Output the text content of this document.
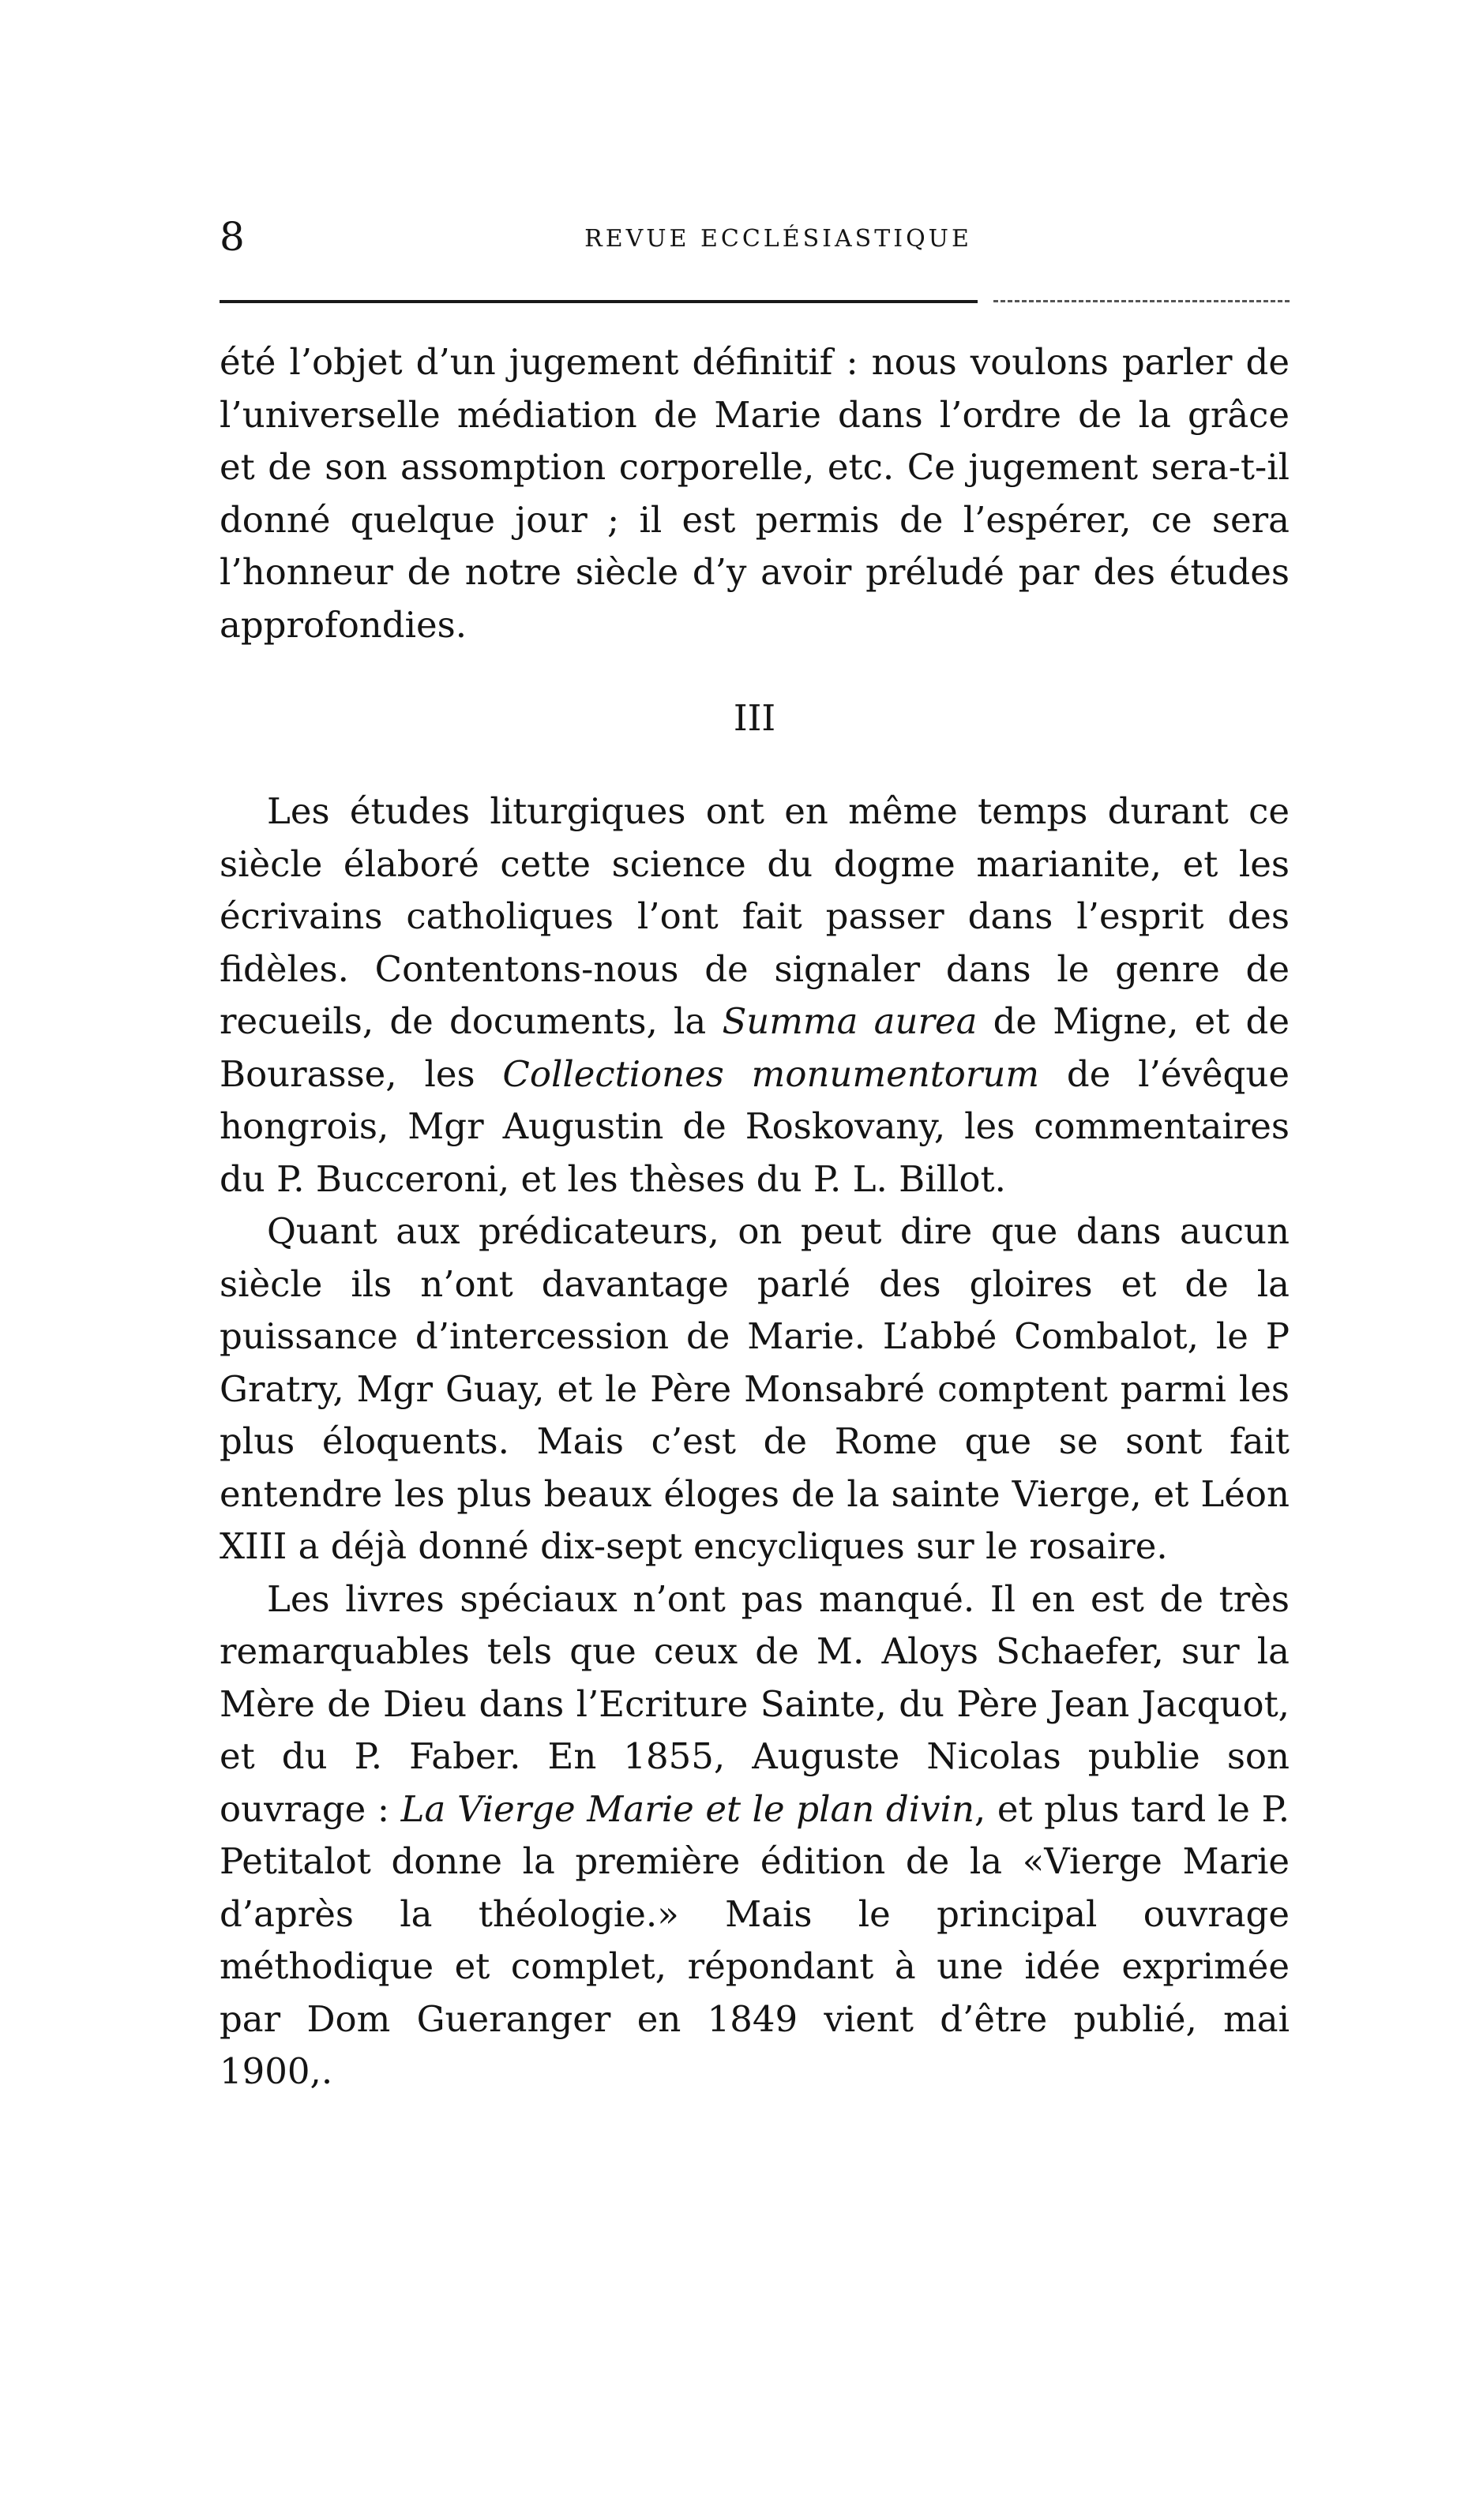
8	REVUE ECCLÉSIASTIQUE

été l’objet d’un jugement définitif : nous voulons parler de l’universelle médiation de Marie dans l’ordre de la grâce et de son assomption corporelle, etc. Ce jugement sera-t-il donné quelque jour ; il est permis de l’espérer, ce sera l’honneur de notre siècle d’y avoir préludé par des études approfondies.

III

Les études liturgiques ont en même temps durant ce siècle élaboré cette science du dogme marianite, et les écrivains catholiques l’ont fait passer dans l’esprit des fidèles. Contentons-nous de signaler dans le genre de recueils, de documents, la Summa aurea de Migne, et de Bourasse, les Collectiones monumentorum de l’évêque hongrois, Mgr Augustin de Roskovany, les commentaires du P. Bucceroni, et les thèses du P. L. Billot.

Quant aux prédicateurs, on peut dire que dans aucun siècle ils n’ont davantage parlé des gloires et de la puissance d’intercession de Marie. L’abbé Combalot, le P Gratry, Mgr Guay, et le Père Monsabré comptent parmi les plus éloquents. Mais c’est de Rome que se sont fait entendre les plus beaux éloges de la sainte Vierge, et Léon XIII a déjà donné dix-sept encycliques sur le rosaire.

Les livres spéciaux n’ont pas manqué. Il en est de très remarquables tels que ceux de M. Aloys Schaefer, sur la Mère de Dieu dans l’Ecriture Sainte, du Père Jean Jacquot, et du P. Faber. En 1855, Auguste Nicolas publie son ouvrage : La Vierge Marie et le plan divin, et plus tard le P. Petitalot donne la première édition de la «Vierge Marie d’après la théologie.» Mais le principal ouvrage méthodique et complet, répondant à une idée exprimée par Dom Gueranger en 1849 vient d’être publié, mai 1900,.
